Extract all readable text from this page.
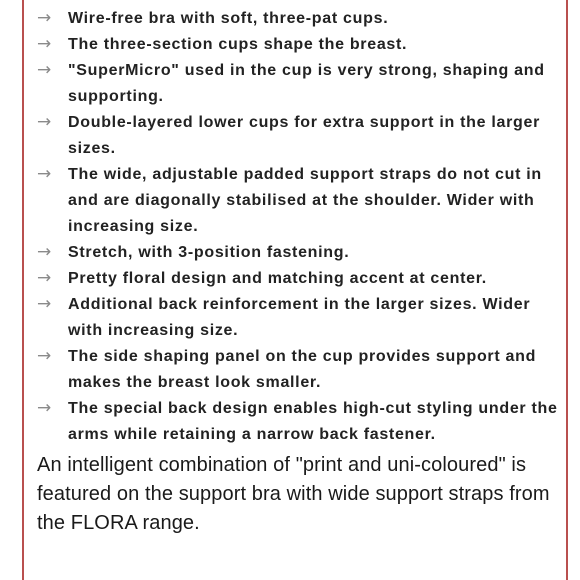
→	Wire-free bra with soft, three-pat cups.
→	The three-section cups shape the breast.
→	"SuperMicro" used in the cup is very strong, shaping and supporting.
→	Double-layered lower cups for extra support in the larger sizes.
→	The wide, adjustable padded support straps do not cut in and are diagonally stabilised at the shoulder. Wider with increasing size.
→	Stretch, with 3-position fastening.
→	Pretty floral design and matching accent at center.
→	Additional back reinforcement in the larger sizes. Wider with increasing size.
→	The side shaping panel on the cup provides support and makes the breast look smaller.
→	The special back design enables high-cut styling under the arms while retaining a narrow back fastener.

An intelligent combination of "print and uni-coloured" is featured on the support bra with wide support straps from the FLORA range.
